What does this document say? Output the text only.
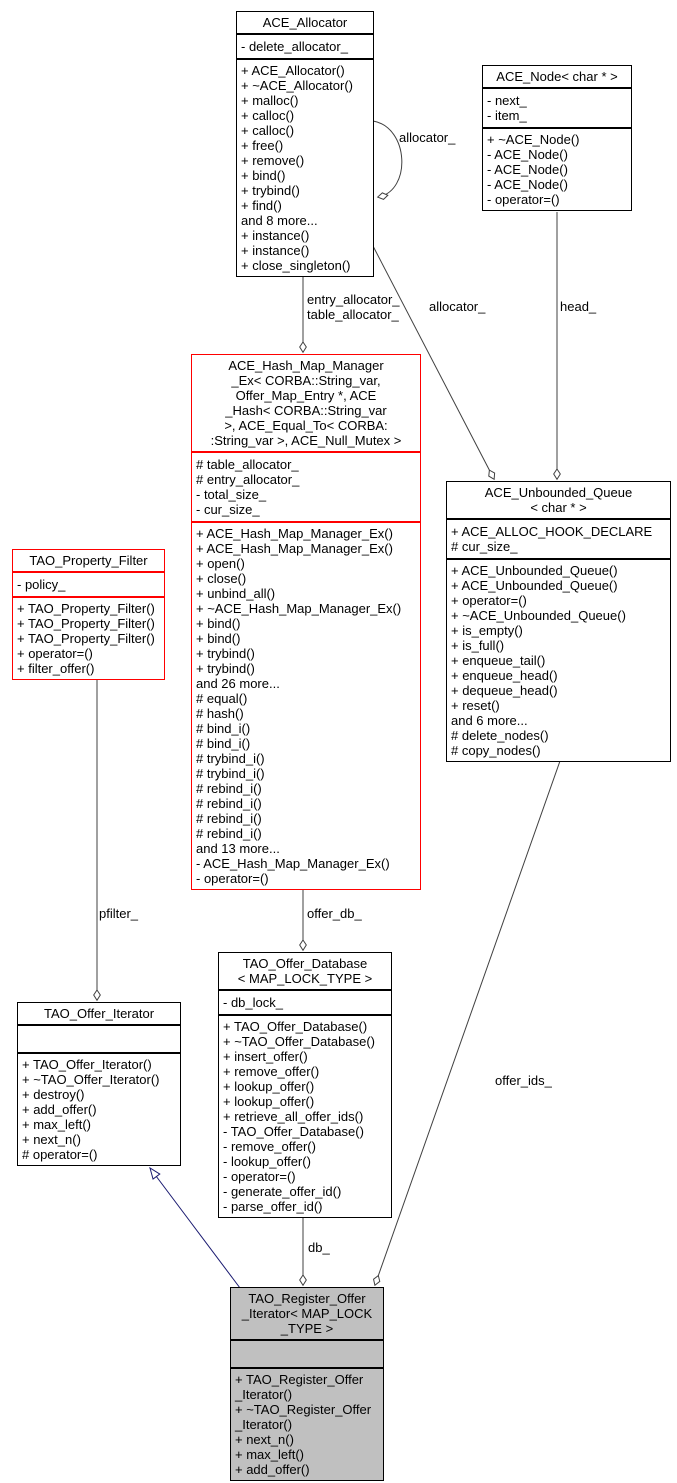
ACE_Allocator
- delete_allocator_
+ ACE_Allocator()
+ ~ACE_Allocator()
+ malloc()
+ calloc()
+ calloc()
+ free()
+ remove()
+ bind()
+ trybind()
+ find()
and 8 more...
+ instance()
+ instance()
+ close_singleton()
ACE_Node< char * >
- next_
- item_
+ ~ACE_Node()
- ACE_Node()
- ACE_Node()
- ACE_Node()
- operator=()
ACE_Hash_Map_Manager
_Ex< CORBA::String_var,
Offer_Map_Entry *, ACE
_Hash< CORBA::String_var
>, ACE_Equal_To< CORBA:
:String_var >, ACE_Null_Mutex >
# table_allocator_
# entry_allocator_
- total_size_
- cur_size_
+ ACE_Hash_Map_Manager_Ex()
+ ACE_Hash_Map_Manager_Ex()
+ open()
+ close()
+ unbind_all()
+ ~ACE_Hash_Map_Manager_Ex()
+ bind()
+ bind()
+ trybind()
+ trybind()
and 26 more...
# equal()
# hash()
# bind_i()
# bind_i()
# trybind_i()
# trybind_i()
# rebind_i()
# rebind_i()
# rebind_i()
# rebind_i()
and 13 more...
- ACE_Hash_Map_Manager_Ex()
- operator=()
TAO_Property_Filter
- policy_
+ TAO_Property_Filter()
+ TAO_Property_Filter()
+ TAO_Property_Filter()
+ operator=()
+ filter_offer()
ACE_Unbounded_Queue
< char * >
+ ACE_ALLOC_HOOK_DECLARE
# cur_size_
+ ACE_Unbounded_Queue()
+ ACE_Unbounded_Queue()
+ operator=()
+ ~ACE_Unbounded_Queue()
+ is_empty()
+ is_full()
+ enqueue_tail()
+ enqueue_head()
+ dequeue_head()
+ reset()
and 6 more...
# delete_nodes()
# copy_nodes()
TAO_Offer_Database
< MAP_LOCK_TYPE >
- db_lock_
+ TAO_Offer_Database()
+ ~TAO_Offer_Database()
+ insert_offer()
+ remove_offer()
+ lookup_offer()
+ lookup_offer()
+ retrieve_all_offer_ids()
- TAO_Offer_Database()
- remove_offer()
- lookup_offer()
- operator=()
- generate_offer_id()
- parse_offer_id()
TAO_Offer_Iterator
+ TAO_Offer_Iterator()
+ ~TAO_Offer_Iterator()
+ destroy()
+ add_offer()
+ max_left()
+ next_n()
# operator=()
TAO_Register_Offer
_Iterator< MAP_LOCK
_TYPE >
+ TAO_Register_Offer
_Iterator()
+ ~TAO_Register_Offer
_Iterator()
+ next_n()
+ max_left()
+ add_offer()
allocator_
entry_allocator_
table_allocator_
allocator_	head_
pfilter_	offer_db_
db_
offer_ids_
